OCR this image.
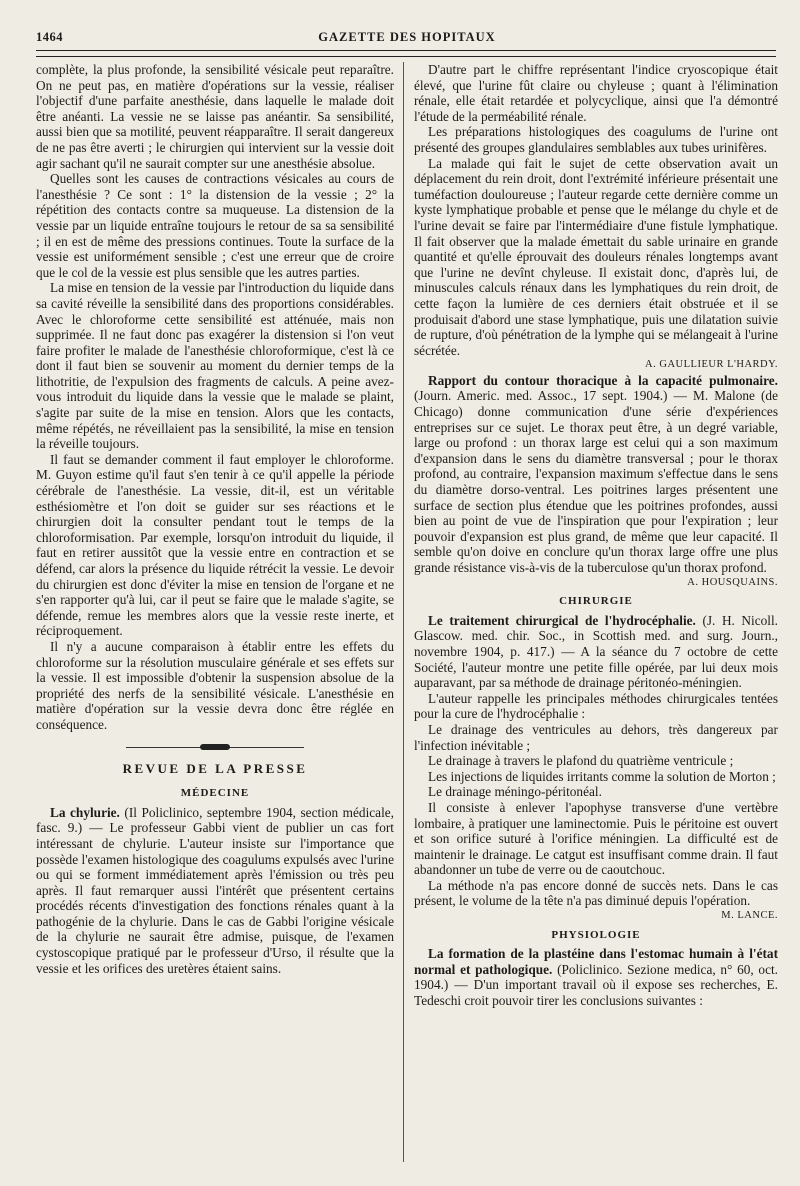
1464	GAZETTE DES HOPITAUX

complète, la plus profonde, la sensibilité vésicale peut reparaître. On ne peut pas, en matière d'opérations sur la vessie, réaliser l'objectif d'une parfaite anesthésie, dans laquelle le malade doit être anéanti. La vessie ne se laisse pas anéantir. Sa sensibilité, aussi bien que sa motilité, peuvent réapparaître. Il serait dangereux de ne pas être averti ; le chirurgien qui intervient sur la vessie doit agir sachant qu'il ne saurait compter sur une anesthésie absolue.

Quelles sont les causes de contractions vésicales au cours de l'anesthésie ? Ce sont : 1° la distension de la vessie ; 2° la répétition des contacts contre sa muqueuse. La distension de la vessie par un liquide entraîne toujours le retour de sa sa sensibilité ; il en est de même des pressions continues. Toute la surface de la vessie est uniformément sensible ; c'est une erreur que de croire que le col de la vessie est plus sensible que les autres parties.

La mise en tension de la vessie par l'introduction du liquide dans sa cavité réveille la sensibilité dans des proportions considérables. Avec le chloroforme cette sensibilité est atténuée, mais non supprimée. Il ne faut donc pas exagérer la distension si l'on veut faire profiter le malade de l'anesthésie chloroformique, c'est là ce dont il faut bien se souvenir au moment du dernier temps de la lithotritie, de l'expulsion des fragments de calculs. A peine avez-vous introduit du liquide dans la vessie que le malade se plaint, s'agite par suite de la mise en tension. Alors que les contacts, même répétés, ne réveillaient pas la sensibilité, la mise en tension la réveille toujours.

Il faut se demander comment il faut employer le chloroforme. M. Guyon estime qu'il faut s'en tenir à ce qu'il appelle la période cérébrale de l'anesthésie. La vessie, dit-il, est un véritable esthésiomètre et l'on doit se guider sur ses réactions et le chirurgien doit la consulter pendant tout le temps de la chloroformisation. Par exemple, lorsqu'on introduit du liquide, il faut en retirer aussitôt que la vessie entre en contraction et se défend, car alors la présence du liquide rétrécit la vessie. Le devoir du chirurgien est donc d'éviter la mise en tension de l'organe et ne s'en rapporter qu'à lui, car il peut se faire que le malade s'agite, se défende, remue les membres alors que la vessie reste inerte, et réciproquement.

Il n'y a aucune comparaison à établir entre les effets du chloroforme sur la résolution musculaire générale et ses effets sur la vessie. Il est impossible d'obtenir la suspension absolue de la propriété des nerfs de la sensibilité vésicale. L'anesthésie en matière d'opération sur la vessie devra donc être réglée en conséquence.

REVUE DE LA PRESSE
MÉDECINE

La chylurie. (Il Policlinico, septembre 1904, section médicale, fasc. 9.) — Le professeur Gabbi vient de publier un cas fort intéressant de chylurie. L'auteur insiste sur l'importance que possède l'examen histologique des coagulums expulsés avec l'urine ou qui se forment immédiatement après l'émission ou très peu après. Il faut remarquer aussi l'intérêt que présentent certains procédés récents d'investigation des fonctions rénales quant à la pathogénie de la chylurie. Dans le cas de Gabbi l'origine vésicale de la chylurie ne saurait être admise, puisque, de l'examen cystoscopique pratiqué par le professeur d'Urso, il résulte que la vessie et les orifices des uretères étaient sains.

D'autre part le chiffre représentant l'indice cryoscopique était élevé, que l'urine fût claire ou chyleuse ; quant à l'élimination rénale, elle était retardée et polycyclique, ainsi que l'a démontré l'étude de la perméabilité rénale.

Les préparations histologiques des coagulums de l'urine ont présenté des groupes glandulaires semblables aux tubes urinifères.

La malade qui fait le sujet de cette observation avait un déplacement du rein droit, dont l'extrémité inférieure présentait une tuméfaction douloureuse ; l'auteur regarde cette dernière comme un kyste lymphatique probable et pense que le mélange du chyle et de l'urine devait se faire par l'intermédiaire d'une fistule lymphatique. Il fait observer que la malade émettait du sable urinaire en grande quantité et qu'elle éprouvait des douleurs rénales longtemps avant que l'urine ne devînt chyleuse. Il existait donc, d'après lui, de minuscules calculs rénaux dans les lymphatiques du rein droit, de cette façon la lumière de ces derniers était obstruée et il se produisait d'abord une stase lymphatique, puis une dilatation suivie de rupture, d'où pénétration de la lymphe qui se mélangeait à l'urine sécrétée.

A. GAULLIEUR L'HARDY.

Rapport du contour thoracique à la capacité pulmonaire. (Journ. Americ. med. Assoc., 17 sept. 1904.) — M. Malone (de Chicago) donne communication d'une série d'expériences entreprises sur ce sujet. Le thorax peut être, à un degré variable, large ou profond : un thorax large est celui qui a son maximum d'expansion dans le sens du diamètre transversal ; pour le thorax profond, au contraire, l'expansion maximum s'effectue dans le sens du diamètre dorso-ventral. Les poitrines larges présentent une surface de section plus étendue que les poitrines profondes, aussi bien au point de vue de l'inspiration que pour l'expiration ; leur pouvoir d'expansion est plus grand, de même que leur capacité. Il semble qu'on doive en conclure qu'un thorax large offre une plus grande résistance vis-à-vis de la tuberculose qu'un thorax profond.

A. HOUSQUAINS.
CHIRURGIE

Le traitement chirurgical de l'hydrocéphalie. (J. H. Nicoll. Glascow. med. chir. Soc., in Scottish med. and surg. Journ., novembre 1904, p. 417.) — A la séance du 7 octobre de cette Société, l'auteur montre une petite fille opérée, par lui deux mois auparavant, par sa méthode de drainage péritonéo-méningien.

L'auteur rappelle les principales méthodes chirurgicales tentées pour la cure de l'hydrocéphalie :

Le drainage des ventricules au dehors, très dangereux par l'infection inévitable ;

Le drainage à travers le plafond du quatrième ventricule ;

Les injections de liquides irritants comme la solution de Morton ;

Le drainage méningo-péritonéal.

Il consiste à enlever l'apophyse transverse d'une vertèbre lombaire, à pratiquer une laminectomie. Puis le péritoine est ouvert et son orifice suturé à l'orifice méningien. La difficulté est de maintenir le drainage. Le catgut est insuffisant comme drain. Il faut abandonner un tube de verre ou de caoutchouc.

La méthode n'a pas encore donné de succès nets. Dans le cas présent, le volume de la tête n'a pas diminué depuis l'opération.

M. LANCE.
PHYSIOLOGIE

La formation de la plastéine dans l'estomac humain à l'état normal et pathologique. (Policlinico. Sezione medica, n° 60, oct. 1904.) — D'un important travail où il expose ses recherches, E. Tedeschi croit pouvoir tirer les conclusions suivantes :
